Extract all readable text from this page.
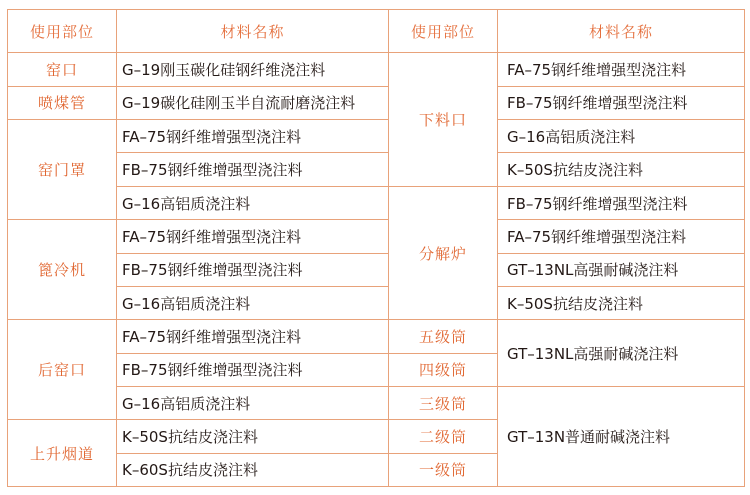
使用部位	材料名称	使用部位	材料名称
窑口	G–19刚玉碳化硅钢纤维浇注料	下料口	FA–75钢纤维增强型浇注料
喷煤管	G–19碳化硅刚玉半自流耐磨浇注料		FB–75钢纤维增强型浇注料
窑门罩	FA–75钢纤维增强型浇注料		G–16高铝质浇注料
	FB–75钢纤维增强型浇注料		K–50S抗结皮浇注料
	G–16高铝质浇注料	分解炉	FB–75钢纤维增强型浇注料
篦冷机	FA–75钢纤维增强型浇注料		FA–75钢纤维增强型浇注料
	FB–75钢纤维增强型浇注料		GT–13NL高强耐碱浇注料
	G–16高铝质浇注料		K–50S抗结皮浇注料
后窑口	FA–75钢纤维增强型浇注料	五级筒	GT–13NL高强耐碱浇注料
	FB–75钢纤维增强型浇注料	四级筒	
	G–16高铝质浇注料	三级筒	GT–13N普通耐碱浇注料
上升烟道	K–50S抗结皮浇注料	二级筒	
	K–60S抗结皮浇注料	一级筒	
